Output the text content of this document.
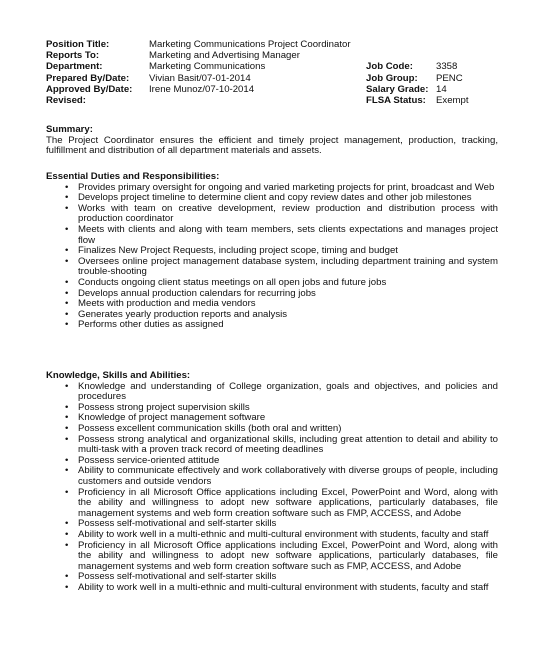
Position Title:	Marketing Communications Project Coordinator
Reports To:	Marketing and Advertising Manager
Department:	Marketing Communications	Job Code: 3358
Prepared By/Date: Vivian Basit/07-01-2014	Job Group: PENC
Approved By/Date: Irene Munoz/07-10-2014	Salary Grade: 14
Revised:	FLSA Status: Exempt

Summary:

The Project Coordinator ensures the efficient and timely project management, production, tracking, fulfillment and distribution of all department materials and assets.

Essential Duties and Responsibilities:

• Provides primary oversight for ongoing and varied marketing projects for print, broadcast and Web
• Develops project timeline to determine client and copy review dates and other job milestones
• Works with team on creative development, review production and distribution process with production coordinator
• Meets with clients and along with team members, sets clients expectations and manages project flow
• Finalizes New Project Requests, including project scope, timing and budget
• Oversees online project management database system, including department training and system trouble-shooting
• Conducts ongoing client status meetings on all open jobs and future jobs
• Develops annual production calendars for recurring jobs
• Meets with production and media vendors
• Generates yearly production reports and analysis
• Performs other duties as assigned

Knowledge, Skills and Abilities:

• Knowledge and understanding of College organization, goals and objectives, and policies and procedures
• Possess strong project supervision skills
• Knowledge of project management software
• Possess excellent communication skills (both oral and written)
• Possess strong analytical and organizational skills, including great attention to detail and ability to multi-task with a proven track record of meeting deadlines
• Possess service-oriented attitude
• Ability to communicate effectively and work collaboratively with diverse groups of people, including customers and outside vendors
• Proficiency in all Microsoft Office applications including Excel, PowerPoint and Word, along with the ability and willingness to adopt new software applications, particularly databases, file management systems and web form creation software such as FMP, ACCESS, and Adobe
• Possess self-motivational and self-starter skills
• Ability to work well in a multi-ethnic and multi-cultural environment with students, faculty and staff
• Proficiency in all Microsoft Office applications including Excel, PowerPoint and Word, along with the ability and willingness to adopt new software applications, particularly databases, file management systems and web form creation software such as FMP, ACCESS, and Adobe
• Possess self-motivational and self-starter skills
• Ability to work well in a multi-ethnic and multi-cultural environment with students, faculty and staff
